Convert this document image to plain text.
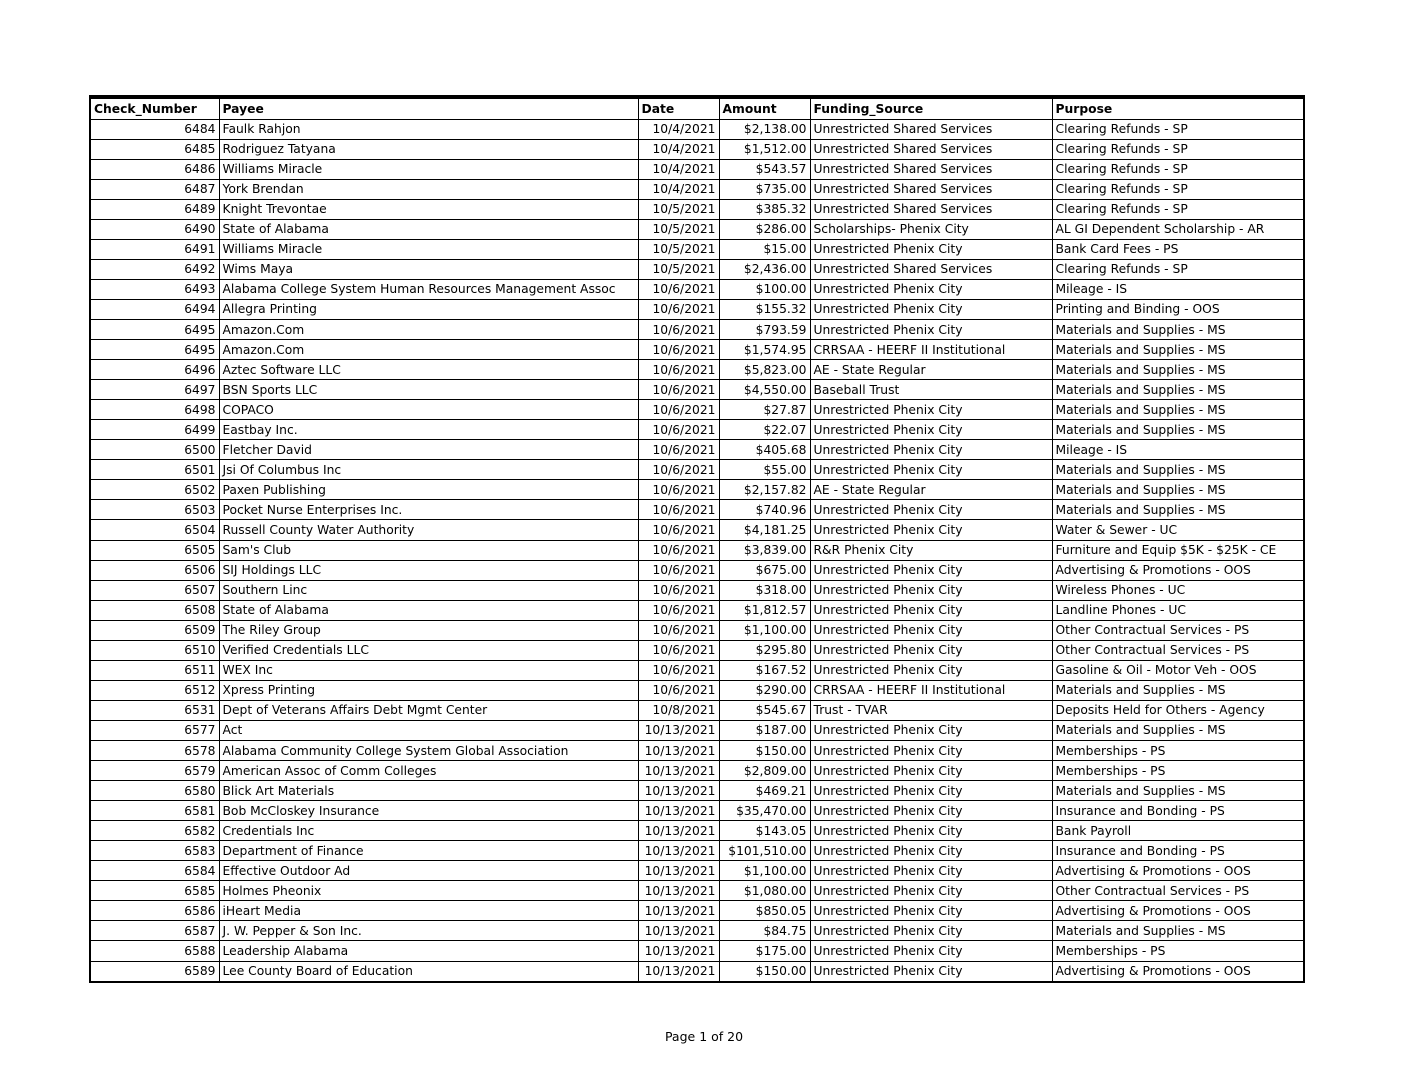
Check_Number	Payee	Date	Amount	Funding_Source	Purpose
6484	Faulk Rahjon	10/4/2021	$2,138.00	Unrestricted Shared Services	Clearing Refunds - SP
6485	Rodriguez Tatyana	10/4/2021	$1,512.00	Unrestricted Shared Services	Clearing Refunds - SP
6486	Williams Miracle	10/4/2021	$543.57	Unrestricted Shared Services	Clearing Refunds - SP
6487	York Brendan	10/4/2021	$735.00	Unrestricted Shared Services	Clearing Refunds - SP
6489	Knight Trevontae	10/5/2021	$385.32	Unrestricted Shared Services	Clearing Refunds - SP
6490	State of Alabama	10/5/2021	$286.00	Scholarships- Phenix City	AL GI Dependent Scholarship - AR
6491	Williams Miracle	10/5/2021	$15.00	Unrestricted Phenix City	Bank Card Fees - PS
6492	Wims Maya	10/5/2021	$2,436.00	Unrestricted Shared Services	Clearing Refunds - SP
6493	Alabama College System Human Resources Management Assoc	10/6/2021	$100.00	Unrestricted Phenix City	Mileage - IS
6494	Allegra Printing	10/6/2021	$155.32	Unrestricted Phenix City	Printing and Binding - OOS
6495	Amazon.Com	10/6/2021	$793.59	Unrestricted Phenix City	Materials and Supplies - MS
6495	Amazon.Com	10/6/2021	$1,574.95	CRRSAA - HEERF II Institutional	Materials and Supplies - MS
6496	Aztec Software LLC	10/6/2021	$5,823.00	AE - State Regular	Materials and Supplies - MS
6497	BSN Sports LLC	10/6/2021	$4,550.00	Baseball Trust	Materials and Supplies - MS
6498	COPACO	10/6/2021	$27.87	Unrestricted Phenix City	Materials and Supplies - MS
6499	Eastbay Inc.	10/6/2021	$22.07	Unrestricted Phenix City	Materials and Supplies - MS
6500	Fletcher David	10/6/2021	$405.68	Unrestricted Phenix City	Mileage - IS
6501	Jsi Of Columbus Inc	10/6/2021	$55.00	Unrestricted Phenix City	Materials and Supplies - MS
6502	Paxen Publishing	10/6/2021	$2,157.82	AE - State Regular	Materials and Supplies - MS
6503	Pocket Nurse Enterprises Inc.	10/6/2021	$740.96	Unrestricted Phenix City	Materials and Supplies - MS
6504	Russell County Water Authority	10/6/2021	$4,181.25	Unrestricted Phenix City	Water & Sewer - UC
6505	Sam's Club	10/6/2021	$3,839.00	R&R Phenix City	Furniture and Equip $5K - $25K - CE
6506	SIJ Holdings LLC	10/6/2021	$675.00	Unrestricted Phenix City	Advertising & Promotions - OOS
6507	Southern Linc	10/6/2021	$318.00	Unrestricted Phenix City	Wireless Phones - UC
6508	State of Alabama	10/6/2021	$1,812.57	Unrestricted Phenix City	Landline Phones - UC
6509	The Riley Group	10/6/2021	$1,100.00	Unrestricted Phenix City	Other Contractual Services - PS
6510	Verified Credentials LLC	10/6/2021	$295.80	Unrestricted Phenix City	Other Contractual Services - PS
6511	WEX Inc	10/6/2021	$167.52	Unrestricted Phenix City	Gasoline & Oil - Motor Veh - OOS
6512	Xpress Printing	10/6/2021	$290.00	CRRSAA - HEERF II Institutional	Materials and Supplies - MS
6531	Dept of Veterans Affairs Debt Mgmt Center	10/8/2021	$545.67	Trust - TVAR	Deposits Held for Others - Agency
6577	Act	10/13/2021	$187.00	Unrestricted Phenix City	Materials and Supplies - MS
6578	Alabama Community College System Global Association	10/13/2021	$150.00	Unrestricted Phenix City	Memberships - PS
6579	American Assoc of Comm Colleges	10/13/2021	$2,809.00	Unrestricted Phenix City	Memberships - PS
6580	Blick Art Materials	10/13/2021	$469.21	Unrestricted Phenix City	Materials and Supplies - MS
6581	Bob McCloskey Insurance	10/13/2021	$35,470.00	Unrestricted Phenix City	Insurance and Bonding - PS
6582	Credentials Inc	10/13/2021	$143.05	Unrestricted Phenix City	Bank Payroll
6583	Department of Finance	10/13/2021	$101,510.00	Unrestricted Phenix City	Insurance and Bonding - PS
6584	Effective Outdoor Ad	10/13/2021	$1,100.00	Unrestricted Phenix City	Advertising & Promotions - OOS
6585	Holmes Pheonix	10/13/2021	$1,080.00	Unrestricted Phenix City	Other Contractual Services - PS
6586	iHeart Media	10/13/2021	$850.05	Unrestricted Phenix City	Advertising & Promotions - OOS
6587	J. W. Pepper & Son Inc.	10/13/2021	$84.75	Unrestricted Phenix City	Materials and Supplies - MS
6588	Leadership Alabama	10/13/2021	$175.00	Unrestricted Phenix City	Memberships - PS
6589	Lee County Board of Education	10/13/2021	$150.00	Unrestricted Phenix City	Advertising & Promotions - OOS
Page 1 of 20
